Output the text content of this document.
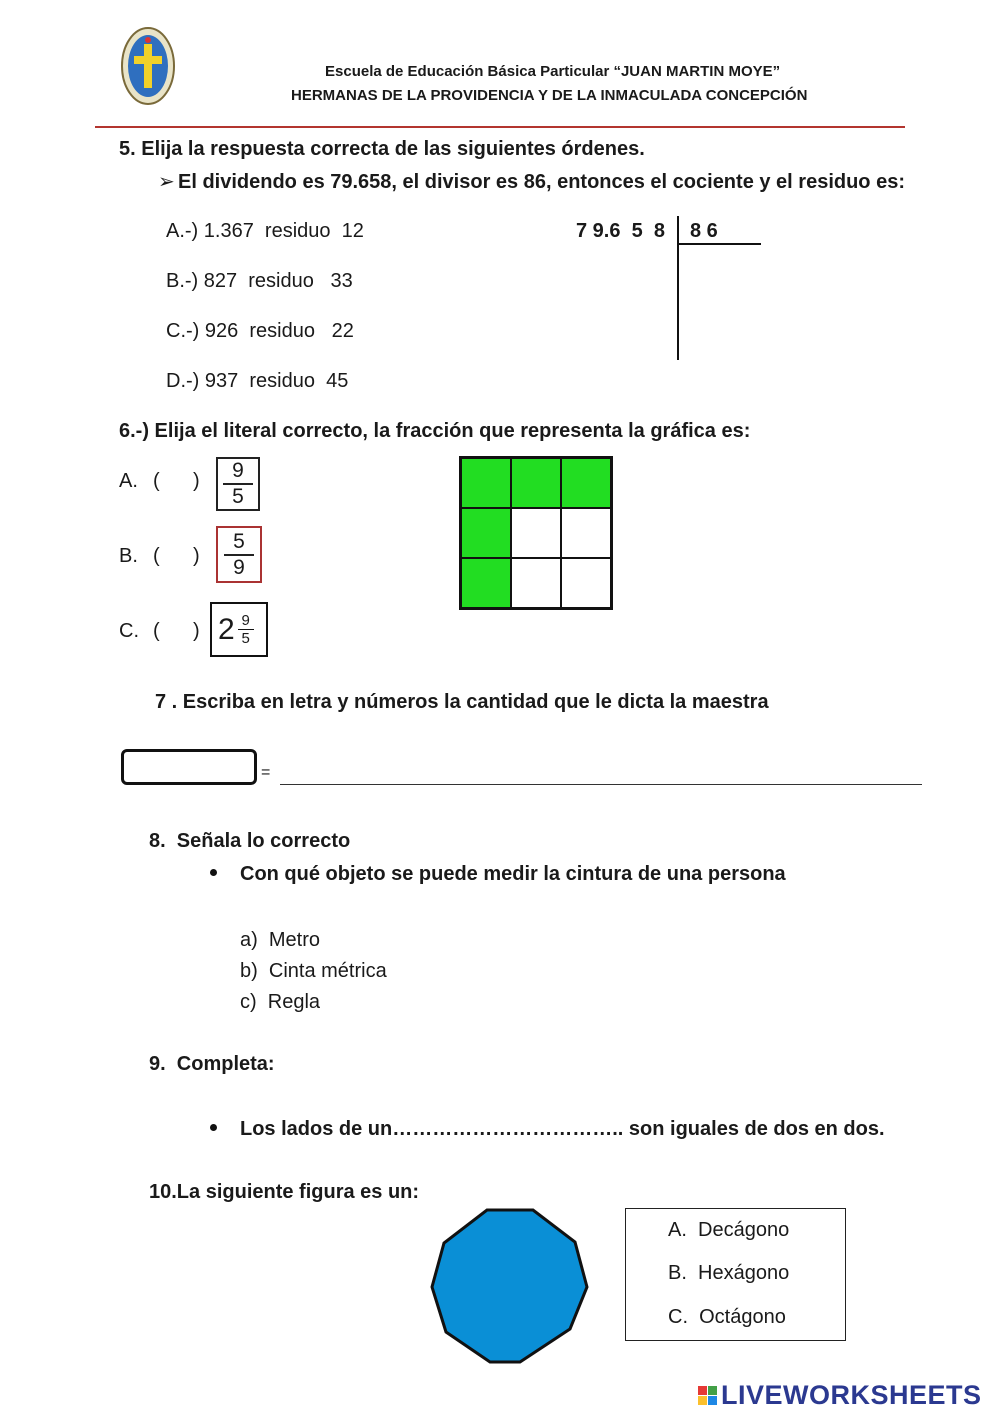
Escuela de Educación Básica Particular “JUAN MARTIN MOYE”
HERMANAS DE LA PROVIDENCIA Y DE LA INMACULADA CONCEPCIÓN
5. Elija la respuesta correcta de las siguientes órdenes.
➢ El dividendo es 79.658, el divisor es 86, entonces el cociente y el residuo es:
A.-) 1.367  residuo  12
B.-) 827  residuo   33
C.-) 926  residuo   22
D.-) 937  residuo  45
7 9.6  5  8 8 6
6.-) Elija el literal correcto, la fracción que representa la gráfica es:
A. (      ) 9
5
B. (      )
5
9
C. (      ) 2 9
5
7 . Escriba en letra y números la cantidad que le dicta la maestra
=
8.  Señala lo correcto
Con qué objeto se puede medir la cintura de una persona
a)  Metro
b)  Cinta métrica
c)  Regla
9.  Completa:
Los lados de un…………………………….. son iguales de dos en dos.
10.La siguiente figura es un:
A.  Decágono
B.  Hexágono
C.  Octágono
LIVEWORKSHEETS
